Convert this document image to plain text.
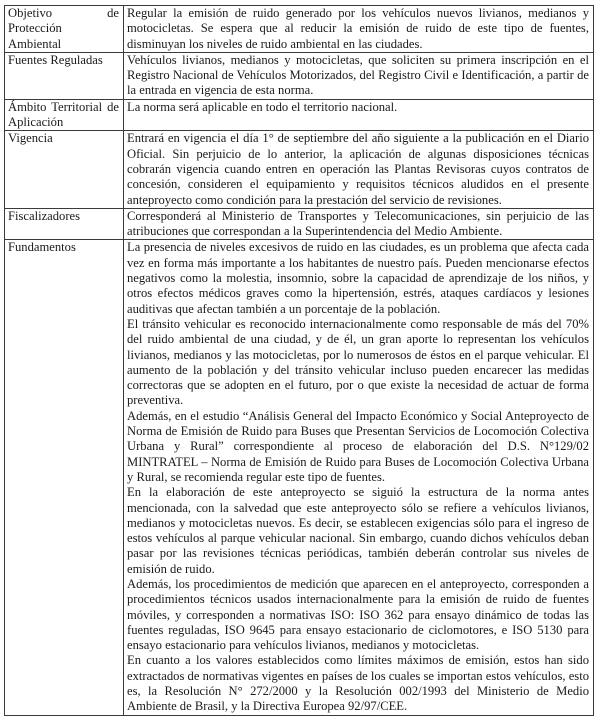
Objetivo de Protección
Ambiental	Regular la emisión de ruido generado por los vehículos nuevos livianos, medianos y motocicletas. Se espera que al reducir la emisión de ruido de este tipo de fuentes, disminuyan los niveles de ruido ambiental en las ciudades.

Fuentes Reguladas	Vehículos livianos, medianos y motocicletas, que soliciten su primera inscripción en el Registro Nacional de Vehículos Motorizados, del Registro Civil e Identificación, a partir de la entrada en vigencia de esta norma.

Ámbito Territorial de
Aplicación	La norma será aplicable en todo el territorio nacional.

Vigencia	Entrará en vigencia el día 1° de septiembre del año siguiente a la publicación en el Diario Oficial. Sin perjuicio de lo anterior, la aplicación de algunas disposiciones técnicas cobrarán vigencia cuando entren en operación las Plantas Revisoras cuyos contratos de concesión, consideren el equipamiento y requisitos técnicos aludidos en el presente anteproyecto como condición para la prestación del servicio de revisiones.

Fiscalizadores	Corresponderá al Ministerio de Transportes y Telecomunicaciones, sin perjuicio de las atribuciones que correspondan a la Superintendencia del Medio Ambiente.

Fundamentos	La presencia de niveles excesivos de ruido en las ciudades, es un problema que afecta cada vez en forma más importante a los habitantes de nuestro país. Pueden mencionarse efectos negativos como la molestia, insomnio, sobre la capacidad de aprendizaje de los niños, y otros efectos médicos graves como la hipertensión, estrés, ataques cardíacos y lesiones auditivas que afectan también a un porcentaje de la población.

El tránsito vehicular es reconocido internacionalmente como responsable de más del 70% del ruido ambiental de una ciudad, y de él, un gran aporte lo representan los vehículos livianos, medianos y las motocicletas, por lo numerosos de éstos en el parque vehicular. El aumento de la población y del tránsito vehicular incluso pueden encarecer las medidas correctoras que se adopten en el futuro, por o que existe la necesidad de actuar de forma preventiva.

Además, en el estudio “Análisis General del Impacto Económico y Social Anteproyecto de Norma de Emisión de Ruido para Buses que Presentan Servicios de Locomoción Colectiva Urbana y Rural” correspondiente al proceso de elaboración del D.S. N°129/02 MINTRATEL – Norma de Emisión de Ruido para Buses de Locomoción Colectiva Urbana y Rural, se recomienda regular este tipo de fuentes.

En la elaboración de este anteproyecto se siguió la estructura de la norma antes mencionada, con la salvedad que este anteproyecto sólo se refiere a vehículos livianos, medianos y motocicletas nuevos. Es decir, se establecen exigencias sólo para el ingreso de estos vehículos al parque vehicular nacional. Sin embargo, cuando dichos vehículos deban pasar por las revisiones técnicas periódicas, también deberán controlar sus niveles de emisión de ruido.

Además, los procedimientos de medición que aparecen en el anteproyecto, corresponden a procedimientos técnicos usados internacionalmente para la emisión de ruido de fuentes móviles, y corresponden a normativas ISO: ISO 362 para ensayo dinámico de todas las fuentes reguladas, ISO 9645 para ensayo estacionario de ciclomotores, e ISO 5130 para ensayo estacionario para vehículos livianos, medianos y motocicletas.

En cuanto a los valores establecidos como límites máximos de emisión, estos han sido extractados de normativas vigentes en países de los cuales se importan estos vehículos, esto es, la Resolución N° 272/2000 y la Resolución 002/1993 del Ministerio de Medio Ambiente de Brasil, y la Directiva Europea 92/97/CEE.
